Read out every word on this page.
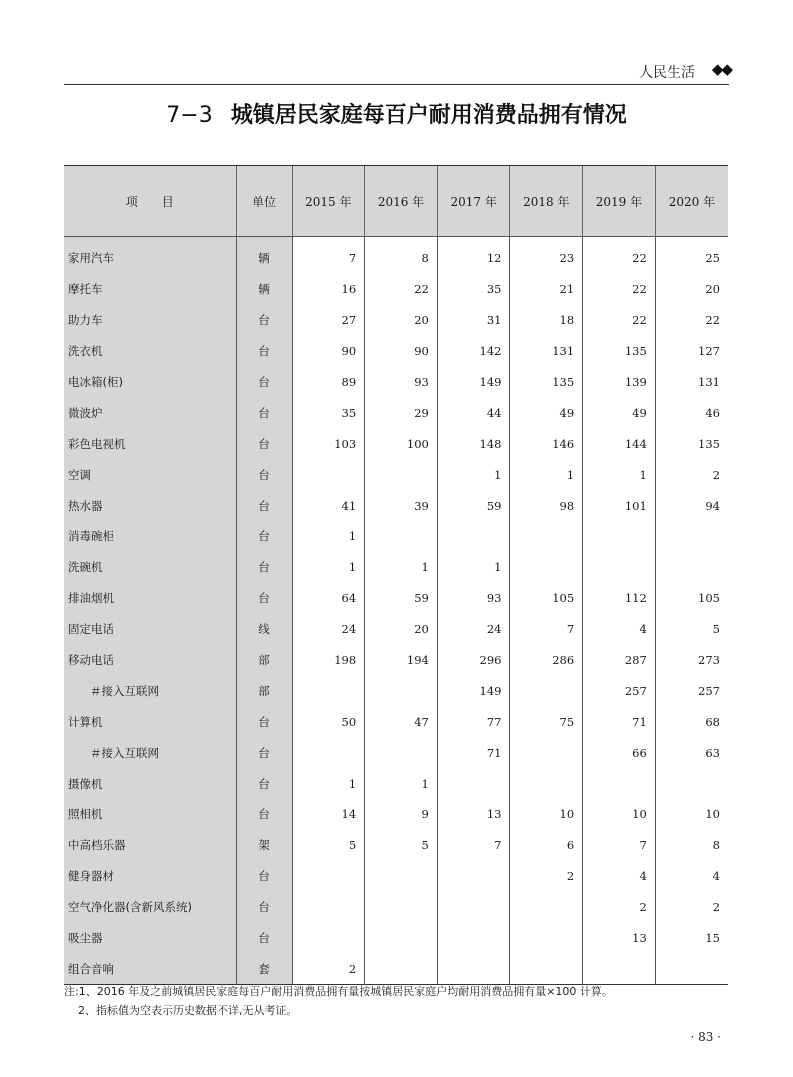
人民生活 ◆◆
7−3 城镇居民家庭每百户耐用消费品拥有情况
项　　目	单位	2015 年	2016 年	2017 年	2018 年	2019 年	2020 年
家用汽车	辆	7	8	12	23	22	25
摩托车	辆	16	22	35	21	22	20
助力车	台	27	20	31	18	22	22
洗衣机	台	90	90	142	131	135	127
电冰箱(柜)	台	89	93	149	135	139	131
微波炉	台	35	29	44	49	49	46
彩色电视机	台	103	100	148	146	144	135
空调	台			1	1	1	2
热水器	台	41	39	59	98	101	94
消毒碗柜	台	1					
洗碗机	台	1	1	1			
排油烟机	台	64	59	93	105	112	105
固定电话	线	24	20	24	7	4	5
移动电话	部	198	194	296	286	287	273
＃接入互联网	部			149		257	257
计算机	台	50	47	77	75	71	68
＃接入互联网	台			71		66	63
摄像机	台	1	1				
照相机	台	14	9	13	10	10	10
中高档乐器	架	5	5	7	6	7	8
健身器材	台				2	4	4
空气净化器(含新风系统)	台					2	2
吸尘器	台					13	15
组合音响	套	2					
注:1、2016 年及之前城镇居民家庭每百户耐用消费品拥有量按城镇居民家庭户均耐用消费品拥有量×100 计算。
2、指标值为空表示历史数据不详,无从考证。
· 83 ·
